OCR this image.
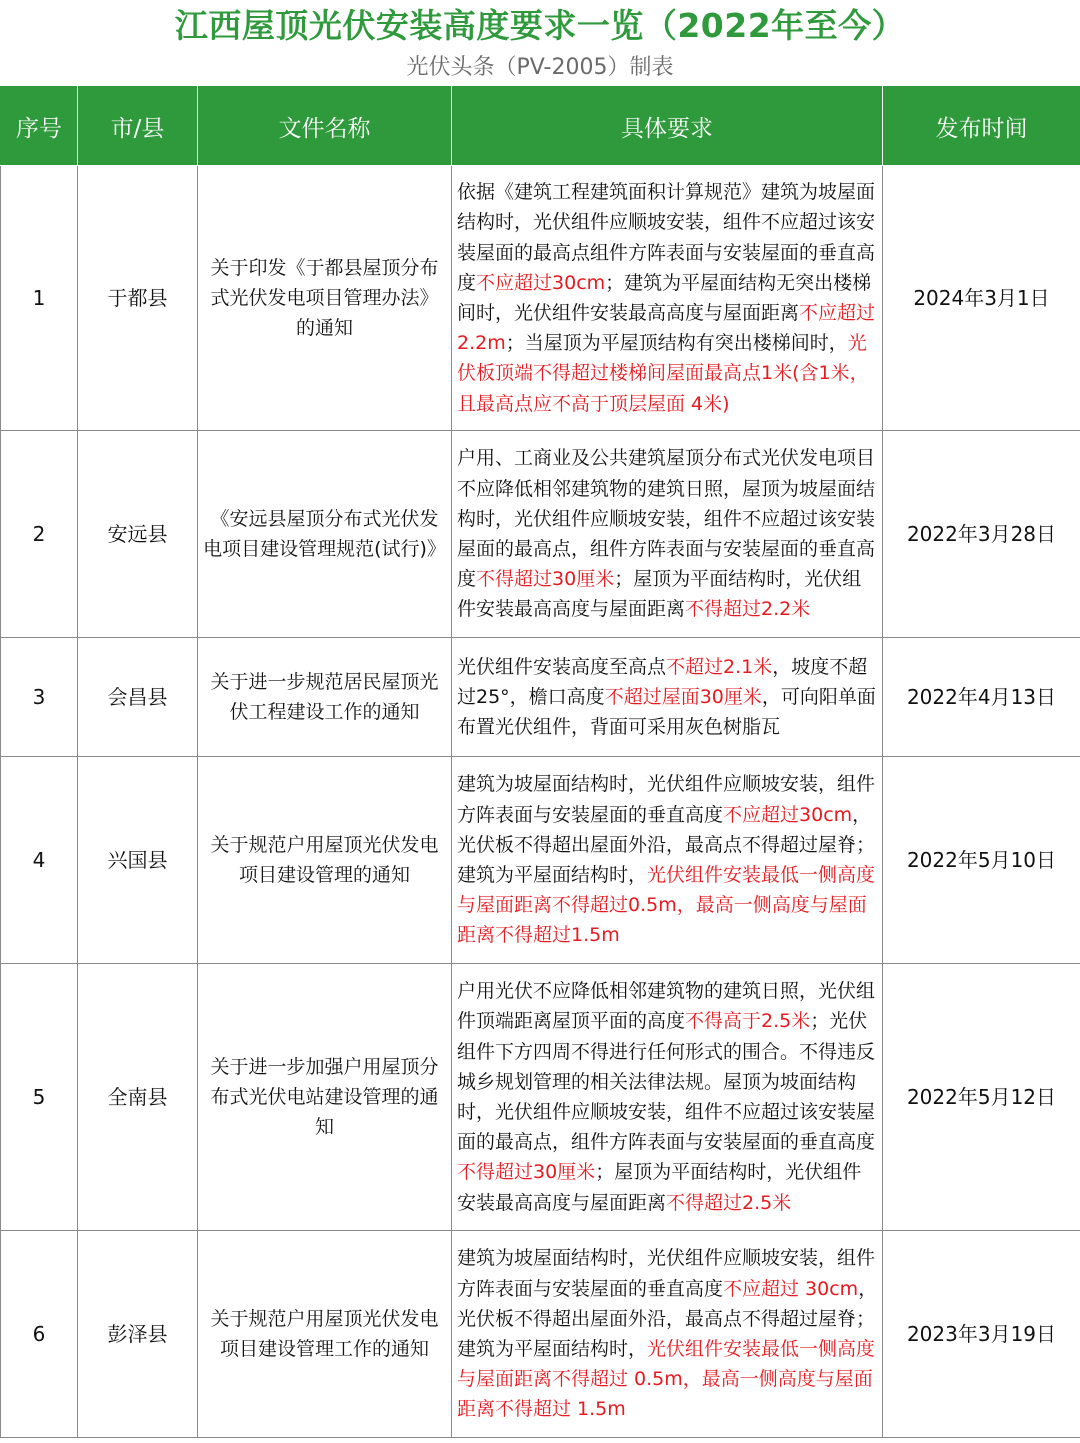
江西屋顶光伏安装高度要求一览（2022年至今）
光伏头条（PV-2005）制表
序号	市/县	文件名称	具体要求	发布时间
1	于都县	关于印发《于都县屋顶分布式光伏发电项目管理办法》的通知	依据《建筑工程建筑面积计算规范》建筑为坡屋面结构时，光伏组件应顺坡安装，组件不应超过该安装屋面的最高点组件方阵表面与安装屋面的垂直高度不应超过30cm；建筑为平屋面结构无突出楼梯间时，光伏组件安装最高高度与屋面距离不应超过2.2m；当屋顶为平屋顶结构有突出楼梯间时，光伏板顶端不得超过楼梯间屋面最高点1米(含1米，且最高点应不高于顶层屋面 4米)	2024年3月1日
2	安远县	《安远县屋顶分布式光伏发电项目建设管理规范(试行)》	户用、工商业及公共建筑屋顶分布式光伏发电项目不应降低相邻建筑物的建筑日照，屋顶为坡屋面结构时，光伏组件应顺坡安装，组件不应超过该安装屋面的最高点，组件方阵表面与安装屋面的垂直高度不得超过30厘米；屋顶为平面结构时，光伏组件安装最高高度与屋面距离不得超过2.2米	2022年3月28日
3	会昌县	关于进一步规范居民屋顶光伏工程建设工作的通知	光伏组件安装高度至高点不超过2.1米，坡度不超过25°，檐口高度不超过屋面30厘米，可向阳单面布置光伏组件，背面可采用灰色树脂瓦	2022年4月13日
4	兴国县	关于规范户用屋顶光伏发电项目建设管理的通知	建筑为坡屋面结构时，光伏组件应顺坡安装，组件方阵表面与安装屋面的垂直高度不应超过30cm，光伏板不得超出屋面外沿，最高点不得超过屋脊；建筑为平屋面结构时，光伏组件安装最低一侧高度与屋面距离不得超过0.5m，最高一侧高度与屋面距离不得超过1.5m	2022年5月10日
5	全南县	关于进一步加强户用屋顶分布式光伏电站建设管理的通知	户用光伏不应降低相邻建筑物的建筑日照，光伏组件顶端距离屋顶平面的高度不得高于2.5米；光伏组件下方四周不得进行任何形式的围合。不得违反城乡规划管理的相关法律法规。屋顶为坡面结构时，光伏组件应顺坡安装，组件不应超过该安装屋面的最高点，组件方阵表面与安装屋面的垂直高度不得超过30厘米；屋顶为平面结构时，光伏组件安装最高高度与屋面距离不得超过2.5米	2022年5月12日
6	彭泽县	关于规范户用屋顶光伏发电项目建设管理工作的通知	建筑为坡屋面结构时，光伏组件应顺坡安装，组件方阵表面与安装屋面的垂直高度不应超过 30cm，光伏板不得超出屋面外沿，最高点不得超过屋脊；建筑为平屋面结构时，光伏组件安装最低一侧高度与屋面距离不得超过 0.5m，最高一侧高度与屋面距离不得超过 1.5m	2023年3月19日
